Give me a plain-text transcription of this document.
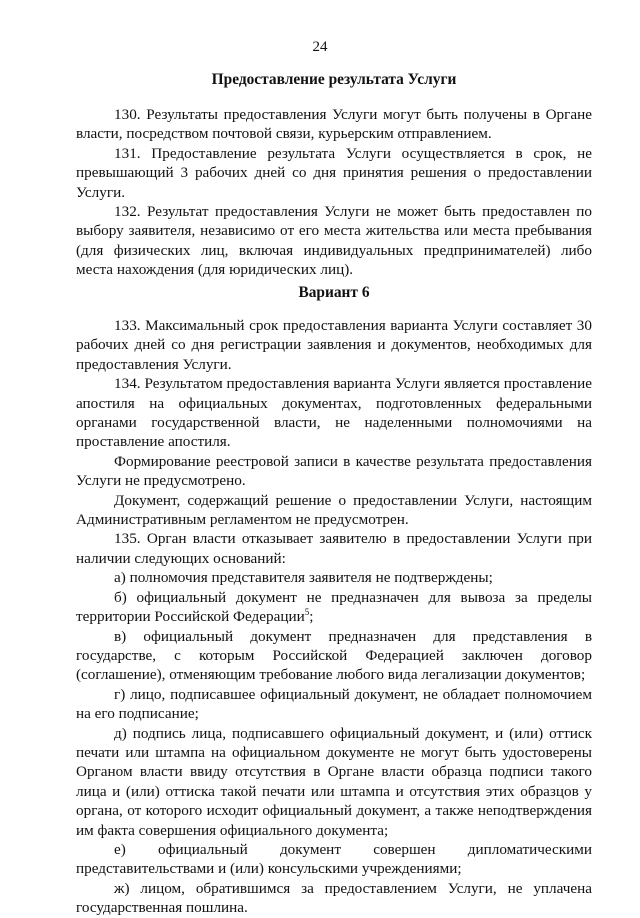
24
Предоставление результата Услуги

130. Результаты предоставления Услуги могут быть получены в Органе власти, посредством почтовой связи, курьерским отправлением.

131. Предоставление результата Услуги осуществляется в срок, не превышающий 3 рабочих дней со дня принятия решения о предоставлении Услуги.

132. Результат предоставления Услуги не может быть предоставлен по выбору заявителя, независимо от его места жительства или места пребывания (для физических лиц, включая индивидуальных предпринимателей) либо места нахождения (для юридических лиц).

Вариант 6

133. Максимальный срок предоставления варианта Услуги составляет 30 рабочих дней со дня регистрации заявления и документов, необходимых для предоставления Услуги.

134. Результатом предоставления варианта Услуги является проставление апостиля на официальных документах, подготовленных федеральными органами государственной власти, не наделенными полномочиями на проставление апостиля.

Формирование реестровой записи в качестве результата предоставления Услуги не предусмотрено.

Документ, содержащий решение о предоставлении Услуги, настоящим Административным регламентом не предусмотрен.

135. Орган власти отказывает заявителю в предоставлении Услуги при наличии следующих оснований:

а) полномочия представителя заявителя не подтверждены;

б) официальный документ не предназначен для вывоза за пределы территории Российской Федерации$^5$;

в) официальный документ предназначен для представления в государстве, с которым Российской Федерацией заключен договор (соглашение), отменяющим требование любого вида легализации документов;

г) лицо, подписавшее официальный документ, не обладает полномочием на его подписание;

д) подпись лица, подписавшего официальный документ, и (или) оттиск печати или штампа на официальном документе не могут быть удостоверены Органом власти ввиду отсутствия в Органе власти образца подписи такого лица и (или) оттиска такой печати или штампа и отсутствия этих образцов у органа, от которого исходит официальный документ, а также неподтверждения им факта совершения официального документа;

е) официальный документ совершен дипломатическими представительствами и (или) консульскими учреждениями;

ж) лицом, обратившимся за предоставлением Услуги, не уплачена государственная пошлина.
